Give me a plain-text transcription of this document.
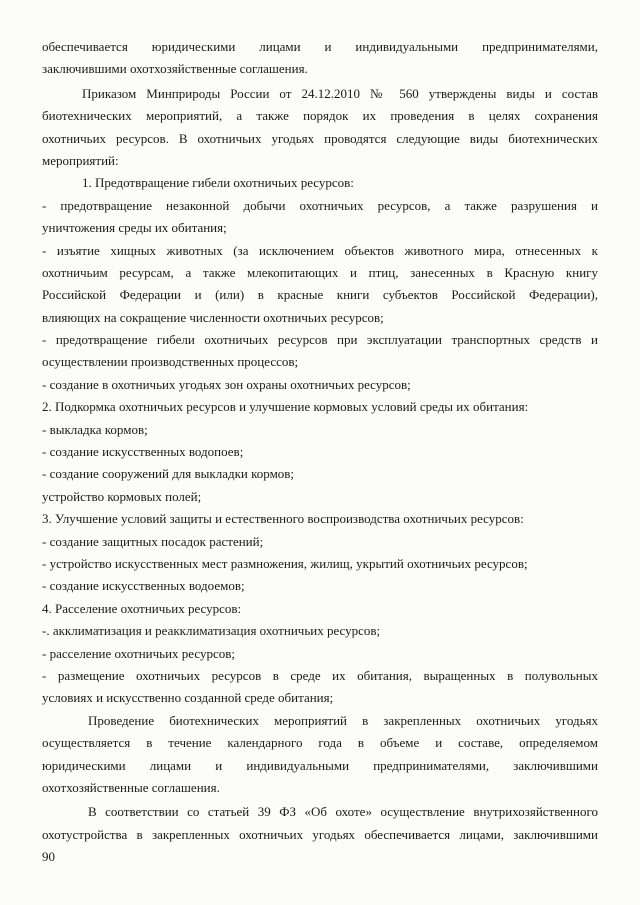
обеспечивается юридическими лицами и индивидуальными предпринимателями,
заключившими охотхозяйственные соглашения.
Приказом Минприроды России от 24.12.2010 № 560 утверждены виды и состав
биотехнических мероприятий, а также порядок их проведения в целях сохранения
охотничьих ресурсов. В охотничьих угодьях проводятся следующие виды биотехнических
мероприятий:
1. Предотвращение гибели охотничьих ресурсов:
- предотвращение незаконной добычи охотничьих ресурсов, а также разрушения и
уничтожения среды их обитания;
- изъятие хищных животных (за исключением объектов животного мира, отнесенных к
охотничьим ресурсам, а также млекопитающих и птиц, занесенных в Красную книгу
Российской Федерации и (или) в красные книги субъектов Российской Федерации),
влияющих на сокращение численности охотничьих ресурсов;
- предотвращение гибели охотничьих ресурсов при эксплуатации транспортных средств и
осуществлении производственных процессов;
- создание в охотничьих угодьях зон охраны охотничьих ресурсов;
2. Подкормка охотничьих ресурсов и улучшение кормовых условий среды их обитания:
- выкладка кормов;
- создание искусственных водопоев;
- создание сооружений для выкладки кормов;
устройство кормовых полей;
3. Улучшение условий защиты и естественного воспроизводства охотничьих ресурсов:
- создание защитных посадок растений;
- устройство искусственных мест размножения, жилищ, укрытий охотничьих ресурсов;
- создание искусственных водоемов;
4. Расселение охотничьих ресурсов:
-. акклиматизация и реакклиматизация охотничьих ресурсов;
- расселение охотничьих ресурсов;
- размещение охотничьих ресурсов в среде их обитания, выращенных в полувольных
условиях и искусственно созданной среде обитания;
Проведение биотехнических мероприятий в закрепленных охотничьих угодьях
осуществляется в течение календарного года в объеме и составе, определяемом
юридическими лицами и индивидуальными предпринимателями, заключившими
охотхозяйственные соглашения.
В соответствии со статьей 39 ФЗ «Об охоте» осуществление внутрихозяйственного
охотустройства в закрепленных охотничьих угодьях обеспечивается лицами, заключившими
90
